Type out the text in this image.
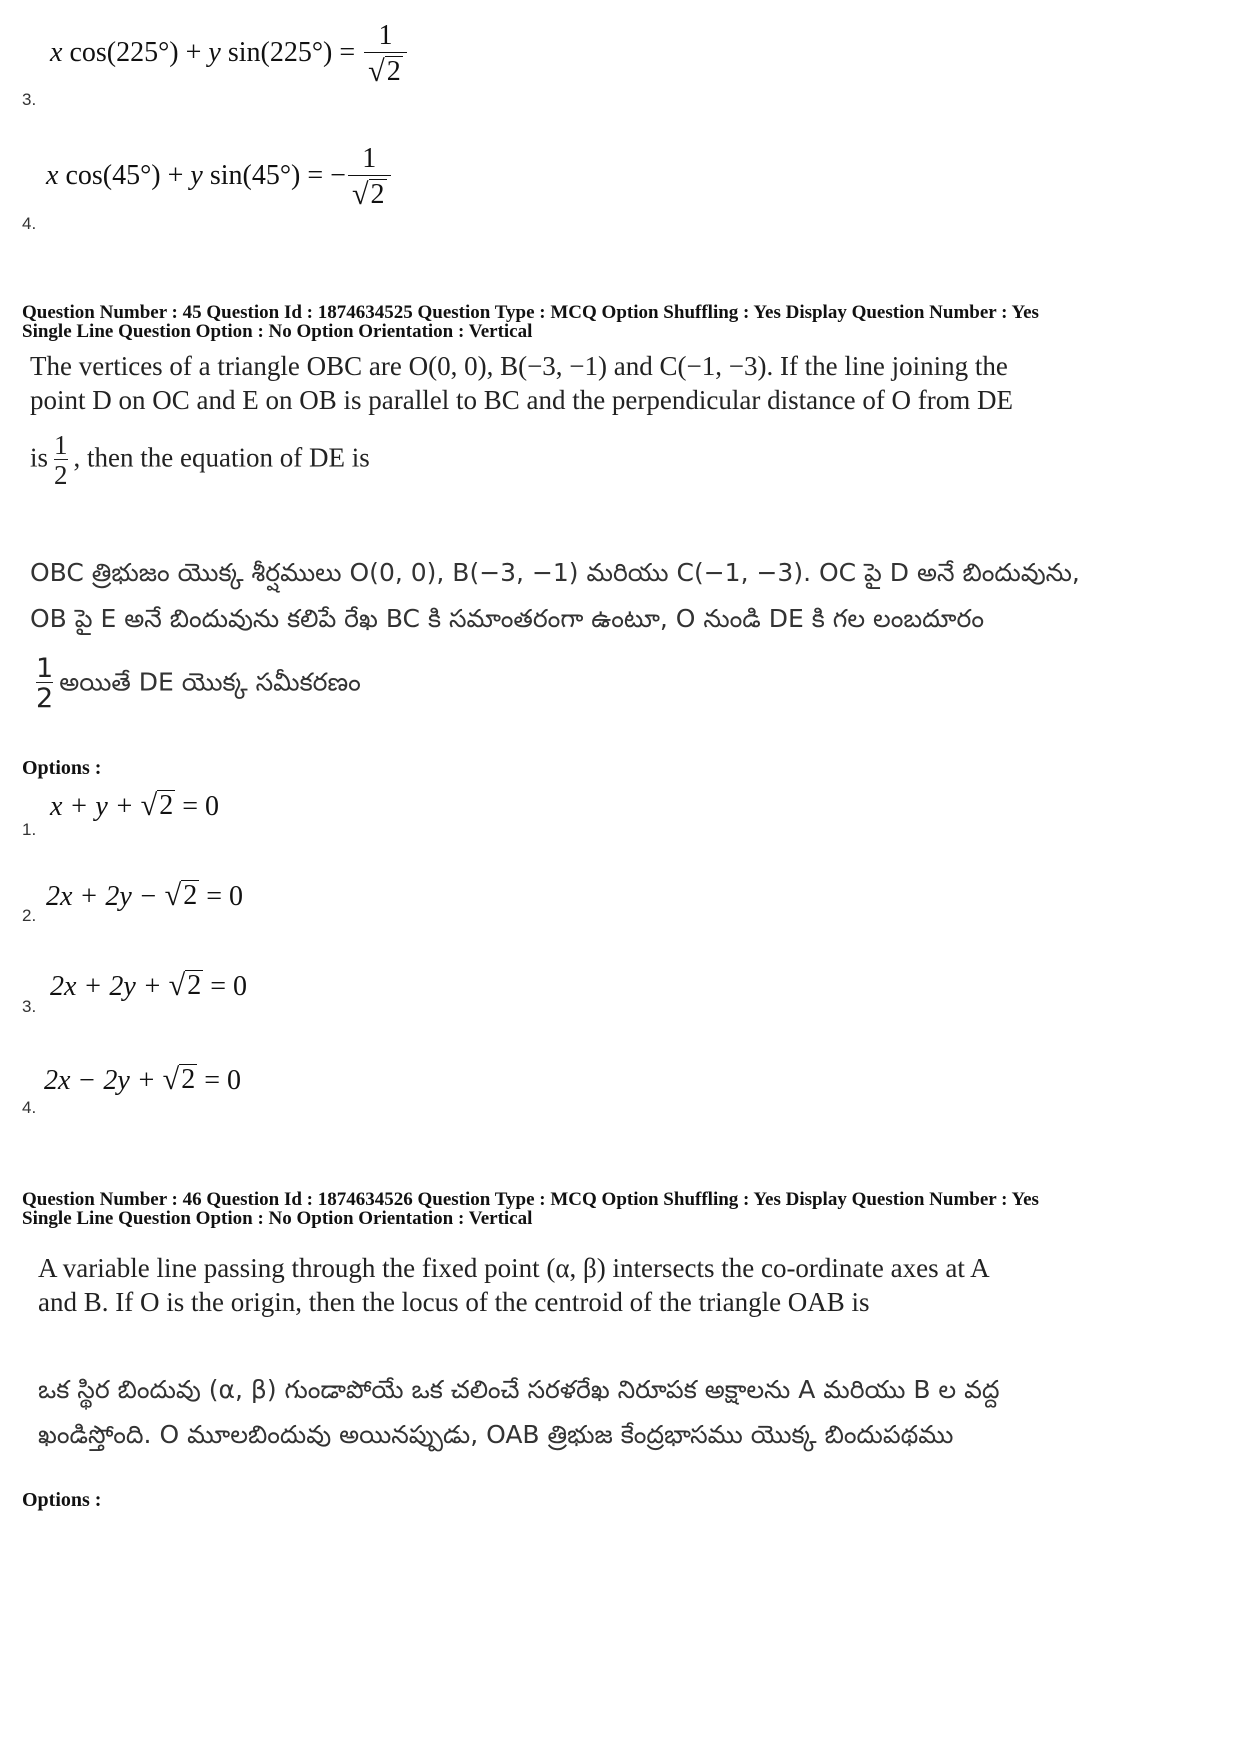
x cos(225°) + y $\sin(225^\circ) = \frac{1}{√ 2}$
3.
x cos(45°) + y sin(45°) = − $\frac{1}{√ 2}$
4.
Question Number : 45 Question Id : 1874634525 Question Type : MCQ Option Shuffling : Yes Display Question Number : Yes
Single Line Question Option : No Option Orientation : Vertical
The vertices of a triangle OBC are O(0, 0), B(−3, −1) and C(−1, −3). If the line joining the
point D on OC and E on OB is parallel to BC and the perpendicular distance of O from DE
is $\frac{1}{2}$ , then the equation of DE is
OBC త్రిభుజం యొక్క శీర్షములు O(0, 0), B(−3, −1) మరియు C(−1, −3). OC పై D అనే బిందువును,
OB పై E అనే బిందువును కలిపే రేఖ BC కి సమాంతరంగా ఉంటూ, O నుండి DE కి గల లంబదూరం
$\frac{1}{2}$ అయితే DE యొక్క సమీకరణం
Options :
x + y + √ 2 = 0
1.
2x + 2y − √ 2 = 0
2.
2x + 2y + √ 2 = 0
3.
2x − 2y + √ 2 = 0
4.
Question Number : 46 Question Id : 1874634526 Question Type : MCQ Option Shuffling : Yes Display Question Number : Yes
Single Line Question Option : No Option Orientation : Vertical
A variable line passing through the fixed point (α, β) intersects the co-ordinate axes at A
and B. If O is the origin, then the locus of the centroid of the triangle OAB is
ఒక స్థిర బిందువు (α, β) గుండాపోయే ఒక చలించే సరళరేఖ నిరూపక అక్షాలను A మరియు B ల వద్ద
ఖండిస్తోంది. O మూలబిందువు అయినప్పుడు, OAB త్రిభుజ కేంద్రభాసము యొక్క బిందుపథము
Options :
